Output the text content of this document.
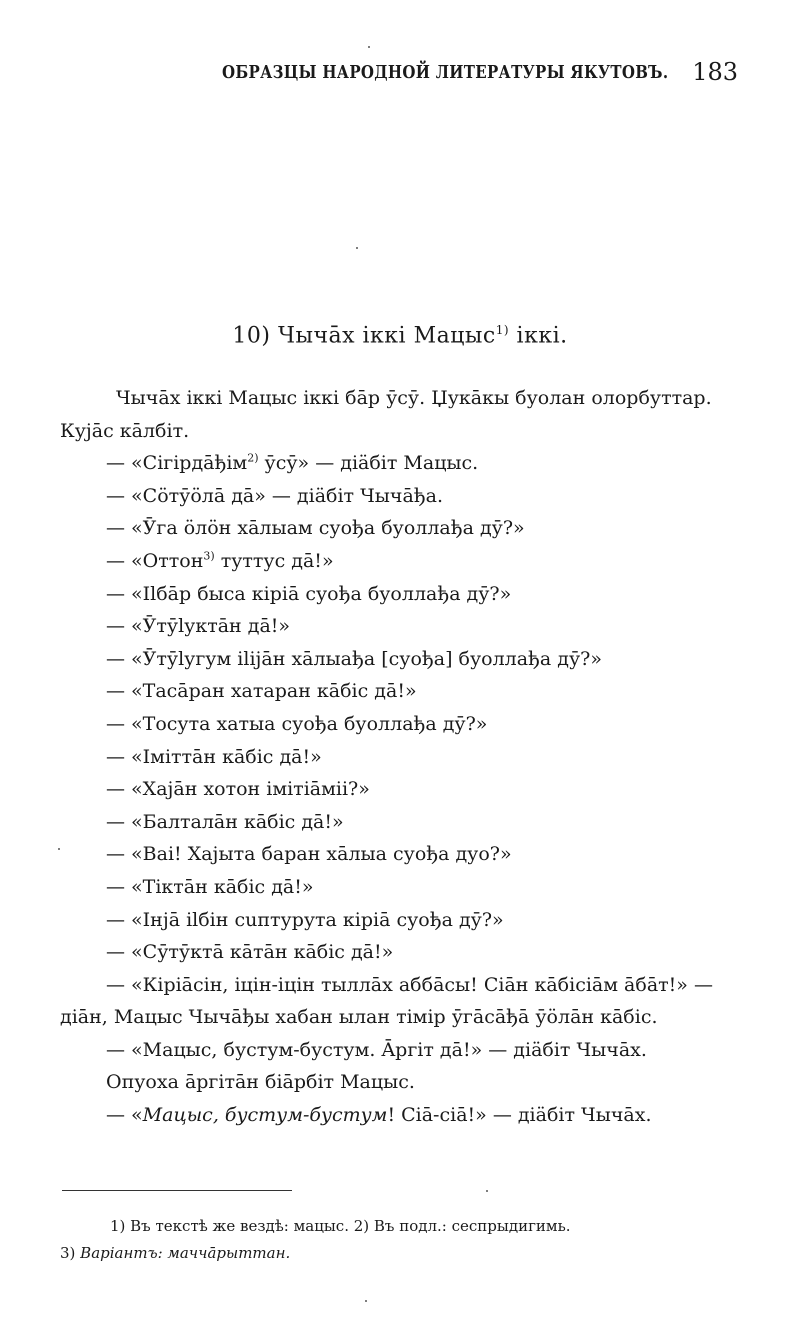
ОБРАЗЦЫ НАРОДНОЙ ЛИТЕРАТУРЫ ЯКУТОВЪ. 183
10) Чычāх іккі Мацыс$^{1)}$ іккі.

Чычāх іккі Мацыс іккі бāр ӯсӯ. Џукāкы буолан олорбуттар.

Кујāс кāлбіт.

— «Сігірдāђім$^{2)}$ ӯсӯ» — дiäбіт Мацыс.

— «Сöтӯöлā дā» — дiäбіт Чычāђа.

— «Ӯга öлöн хāлыам суођа буоллађа дӯ?»

— «Оттон$^{3)}$ туттус дā!»

— «Ilбāр быса кірiā суођа буоллађа дӯ?»

— «Ӯтӯlукта̄н дā!»

— «Ӯтӯlугум ilijāн хāлыађа [суођа] буоллађа дӯ?»

— «Тасāран хатаран кāбіс дā!»

— «Тосута хатыа суођа буоллађа дӯ?»

— «Iмiттāн кāбіс дā!»

— «Хајāн хотон iмiтiāміі?»

— «Балталāн кāбіс дā!»

— «Ваі! Хајыта баран хāлыа суођа дуо?»

— «Тіктāн кāбіс дā!»

— «Інjā ilбін сuптурута кірiā суођа дӯ?»

— «Сӯтӯктā кāтāн кāбіс дā!»

— «Кірiāсiн, iцiн-iцiн тыллāх аббāсы! Сiāн кāбісiāм āбāт!» —

дiāн, Мацыс Чычāђы хабан ылан тімір ӯгāсāђā ӯöлāн кāбіс.

— «Мацыс, бустум-бустум. Āргiт дā!» — дiäбіт Чычāх.

Опуоха āргiтāн бiāрбіт Мацыс.

— «Мацыс, бустум-бустум! Сiā-сiā!» — дiäбіт Чычāх.

1) Въ текстѣ же вездѣ: мацыс. 2) Въ подл.: сеспрыдигимь.

3) Варiантъ: маччāрыттан.
